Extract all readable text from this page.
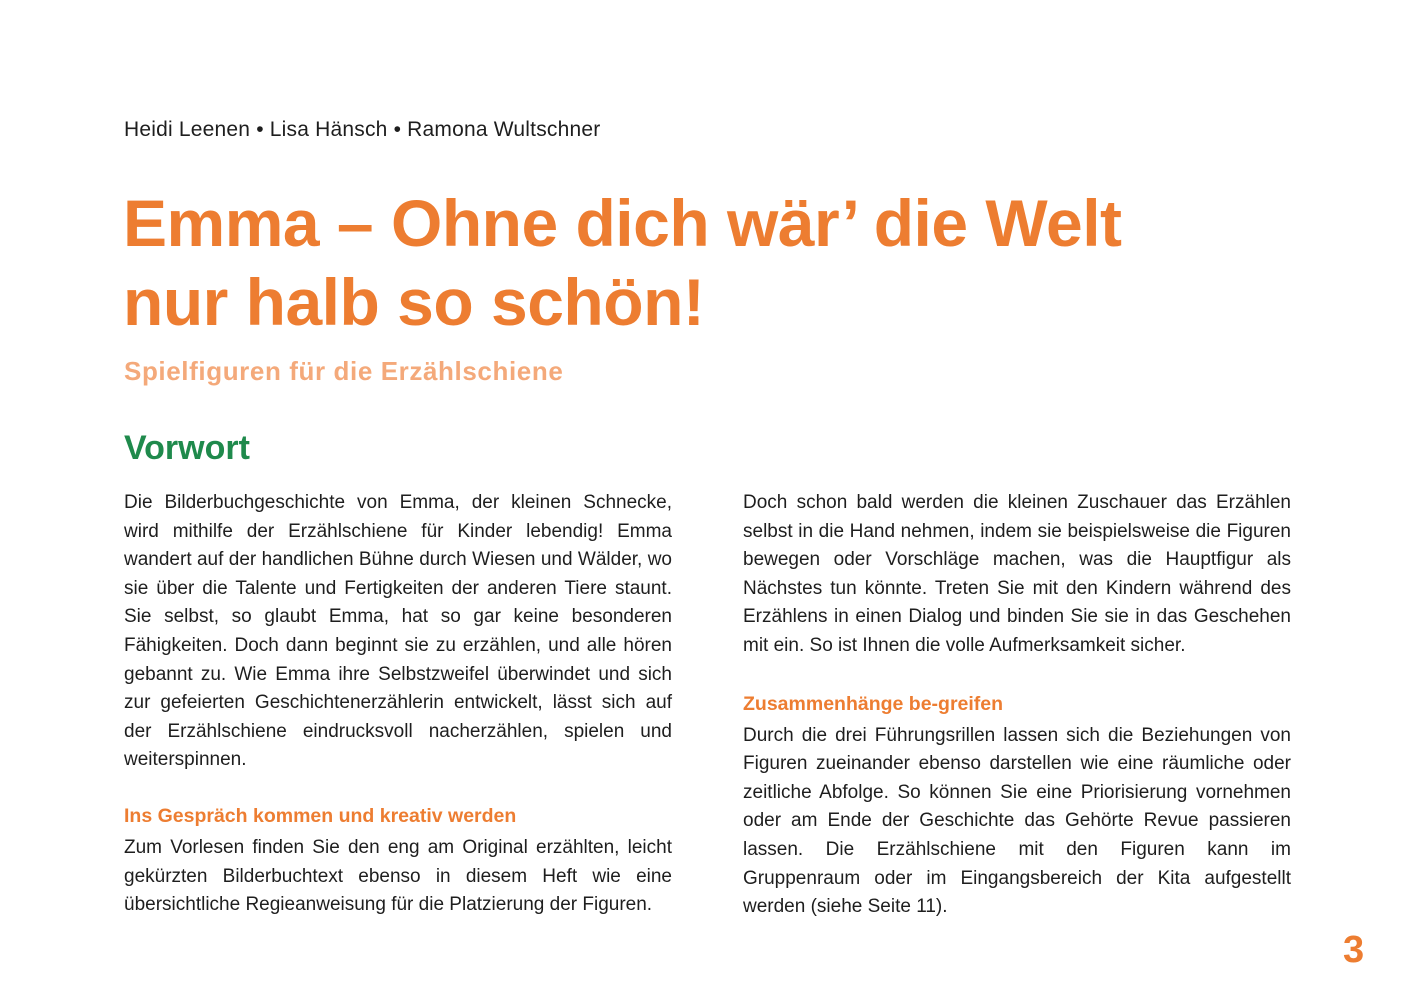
Heidi Leenen • Lisa Hänsch • Ramona Wultschner
Emma – Ohne dich wär’ die Welt
nur halb so schön!
Spielfiguren für die Erzählschiene
Vorwort

Die Bilderbuchgeschichte von Emma, der kleinen Schnecke, wird mithilfe der Erzählschiene für Kinder lebendig! Emma wandert auf der handlichen Bühne durch Wiesen und Wälder, wo sie über die Talente und Fertigkeiten der anderen Tiere staunt. Sie selbst, so glaubt Emma, hat so gar keine besonderen Fähigkeiten. Doch dann beginnt sie zu erzählen, und alle hören gebannt zu. Wie Emma ihre Selbstzweifel überwindet und sich zur gefeierten Geschichtenerzählerin entwickelt, lässt sich auf der Erzählschiene eindrucksvoll nacherzählen, spielen und weiterspinnen.

Ins Gespräch kommen und kreativ werden

Zum Vorlesen finden Sie den eng am Original erzählten, leicht gekürzten Bilderbuchtext ebenso in diesem Heft wie eine übersichtliche Regieanweisung für die Platzierung der Figuren.

Doch schon bald werden die kleinen Zuschauer das Erzählen selbst in die Hand nehmen, indem sie beispielsweise die Figuren bewegen oder Vorschläge machen, was die Hauptfigur als Nächstes tun könnte. Treten Sie mit den Kindern während des Erzählens in einen Dialog und binden Sie sie in das Geschehen mit ein. So ist Ihnen die volle Aufmerksamkeit sicher.

Zusammenhänge be-greifen

Durch die drei Führungsrillen lassen sich die Beziehungen von Figuren zueinander ebenso darstellen wie eine räumliche oder zeitliche Abfolge. So können Sie eine Priorisierung vornehmen oder am Ende der Geschichte das Gehörte Revue passieren lassen. Die Erzählschiene mit den Figuren kann im Gruppenraum oder im Eingangsbereich der Kita aufgestellt werden (siehe Seite 11).

3
